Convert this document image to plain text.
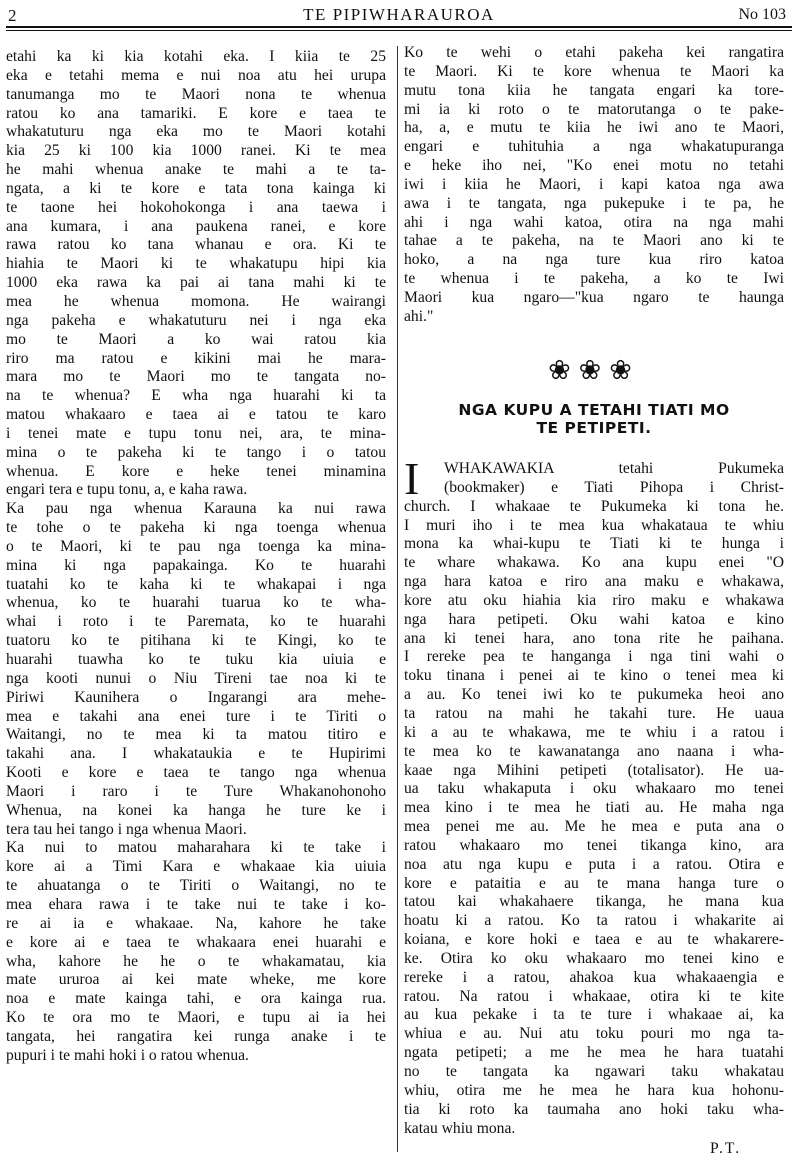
2	TE PIPIWHARAUROA	No 103
etahi ka ki kia kotahi eka. I kiia te 25
eka e tetahi mema e nui noa atu hei urupa
tanumanga mo te Maori nona te whenua
ratou ko ana tamariki. E kore e taea te
whakatuturu nga eka mo te Maori kotahi
kia 25 ki 100 kia 1000 ranei. Ki te mea
he mahi whenua anake te mahi a te ta-
ngata, a ki te kore e tata tona kainga ki
te taone hei hokohokonga i ana taewa i
ana kumara, i ana paukena ranei, e kore
rawa ratou ko tana whanau e ora. Ki te
hiahia te Maori ki te whakatupu hipi kia
1000 eka rawa ka pai ai tana mahi ki te
mea he whenua momona. He wairangi
nga pakeha e whakatuturu nei i nga eka
mo te Maori a ko wai ratou kia
riro ma ratou e kikini mai he mara-
mara mo te Maori mo te tangata no-
na te whenua? E wha nga huarahi ki ta
matou whakaaro e taea ai e tatou te karo
i tenei mate e tupu tonu nei, ara, te mina-
mina o te pakeha ki te tango i o tatou
whenua. E kore e heke tenei minamina
engari tera e tupu tonu, a, e kaha rawa.
Ka pau nga whenua Karauna ka nui rawa
te tohe o te pakeha ki nga toenga whenua
o te Maori, ki te pau nga toenga ka mina-
mina ki nga papakainga. Ko te huarahi
tuatahi ko te kaha ki te whakapai i nga
whenua, ko te huarahi tuarua ko te wha-
whai i roto i te Paremata, ko te huarahi
tuatoru ko te pitihana ki te Kingi, ko te
huarahi tuawha ko te tuku kia uiuia e
nga kooti nunui o Niu Tireni tae noa ki te
Piriwi Kaunihera o Ingarangi ara mehe-
mea e takahi ana enei ture i te Tiriti o
Waitangi, no te mea ki ta matou titiro e
takahi ana. I whakataukia e te Hupirimi
Kooti e kore e taea te tango nga whenua
Maori i raro i te Ture Whakanohonoho
Whenua, na konei ka hanga he ture ke i
tera tau hei tango i nga whenua Maori.
Ka nui to matou maharahara ki te take i
kore ai a Timi Kara e whakaae kia uiuia
te ahuatanga o te Tiriti o Waitangi, no te
mea ehara rawa i te take nui te take i ko-
re ai ia e whakaae. Na, kahore he take
e kore ai e taea te whakaara enei huarahi e
wha, kahore he he o te whakamatau, kia
mate ururoa ai kei mate wheke, me kore
noa e mate kainga tahi, e ora kainga rua.
Ko te ora mo te Maori, e tupu ai ia hei
tangata, hei rangatira kei runga anake i te
pupuri i te mahi hoki i o ratou whenua.
Ko te wehi o etahi pakeha kei rangatira
te Maori. Ki te kore whenua te Maori ka
mutu tona kiia he tangata engari ka tore-
mi ia ki roto o te matorutanga o te pake-
ha, a, e mutu te kiia he iwi ano te Maori,
engari e tuhituhia a nga whakatupuranga
e heke iho nei, "Ko enei motu no tetahi
iwi i kiia he Maori, i kapi katoa nga awa
awa i te tangata, nga pukepuke i te pa, he
ahi i nga wahi katoa, otira na nga mahi
tahae a te pakeha, na te Maori ano ki te
hoko, a na nga ture kua riro katoa
te whenua i te pakeha, a ko te Iwi
Maori kua ngaro—"kua ngaro te haunga
ahi."
❀❀❀
NGA KUPU A TETAHI TIATI MO
TE PETIPETI.
I	WHAKAWAKIA tetahi Pukumeka
(bookmaker) e Tiati Pihopa i Christ-
church. I whakaae te Pukumeka ki tona he.
I muri iho i te mea kua whakataua te whiu
mona ka whai-kupu te Tiati ki te hunga i
te whare whakawa. Ko ana kupu enei "O
nga hara katoa e riro ana maku e whakawa,
kore atu oku hiahia kia riro maku e whakawa
nga hara petipeti. Oku wahi katoa e kino
ana ki tenei hara, ano tona rite he paihana.
I rereke pea te hanganga i nga tini wahi o
toku tinana i penei ai te kino o tenei mea ki
a au. Ko tenei iwi ko te pukumeka heoi ano
ta ratou na mahi he takahi ture. He uaua
ki a au te whakawa, me te whiu i a ratou i
te mea ko te kawanatanga ano naana i wha-
kaae nga Mihini petipeti (totalisator). He ua-
ua taku whakaputa i oku whakaaro mo tenei
mea kino i te mea he tiati au. He maha nga
mea penei me au. Me he mea e puta ana o
ratou whakaaro mo tenei tikanga kino, ara
noa atu nga kupu e puta i a ratou. Otira e
kore e pataitia e au te mana hanga ture o
tatou kai whakahaere tikanga, he mana kua
hoatu ki a ratou. Ko ta ratou i whakarite ai
koiana, e kore hoki e taea e au te whakarere-
ke. Otira ko oku whakaaro mo tenei kino e
rereke i a ratou, ahakoa kua whakaaengia e
ratou. Na ratou i whakaae, otira ki te kite
au kua pekake i ta te ture i whakaae ai, ka
whiua e au. Nui atu toku pouri mo nga ta-
ngata petipeti; a me he mea he hara tuatahi
no te tangata ka ngawari taku whakatau
whiu, otira me he mea he hara kua hohonu-
tia ki roto ka taumaha ano hoki taku wha-
katau whiu mona.
P.T.
